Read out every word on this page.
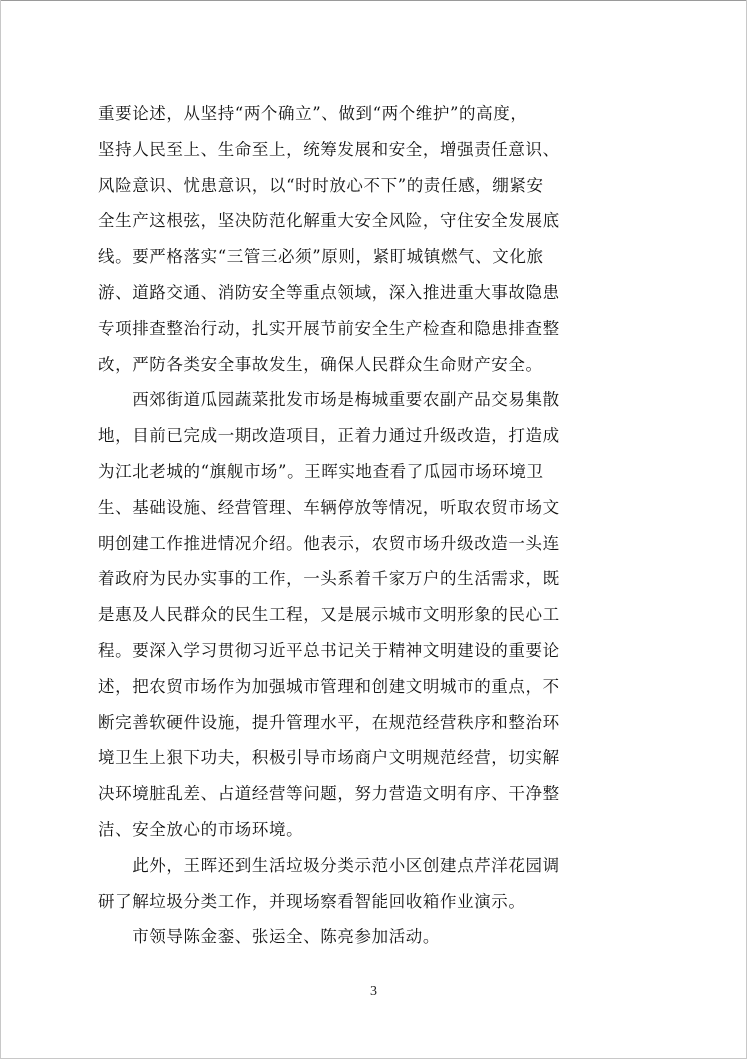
重要论述，从坚持“两个确立”、做到“两个维护”的高度，
坚持人民至上、生命至上，统筹发展和安全，增强责任意识、
风险意识、忧患意识，以“时时放心不下”的责任感，绷紧安
全生产这根弦，坚决防范化解重大安全风险，守住安全发展底
线。要严格落实“三管三必须”原则，紧盯城镇燃气、文化旅
游、道路交通、消防安全等重点领域，深入推进重大事故隐患
专项排查整治行动，扎实开展节前安全生产检查和隐患排查整
改，严防各类安全事故发生，确保人民群众生命财产安全。
　　西郊街道瓜园蔬菜批发市场是梅城重要农副产品交易集散
地，目前已完成一期改造项目，正着力通过升级改造，打造成
为江北老城的“旗舰市场”。王晖实地查看了瓜园市场环境卫
生、基础设施、经营管理、车辆停放等情况，听取农贸市场文
明创建工作推进情况介绍。他表示，农贸市场升级改造一头连
着政府为民办实事的工作，一头系着千家万户的生活需求，既
是惠及人民群众的民生工程，又是展示城市文明形象的民心工
程。要深入学习贯彻习近平总书记关于精神文明建设的重要论
述，把农贸市场作为加强城市管理和创建文明城市的重点，不
断完善软硬件设施，提升管理水平，在规范经营秩序和整治环
境卫生上狠下功夫，积极引导市场商户文明规范经营，切实解
决环境脏乱差、占道经营等问题，努力营造文明有序、干净整
洁、安全放心的市场环境。
　　此外，王晖还到生活垃圾分类示范小区创建点芹洋花园调
研了解垃圾分类工作，并现场察看智能回收箱作业演示。
　　市领导陈金銮、张运全、陈亮参加活动。
3
